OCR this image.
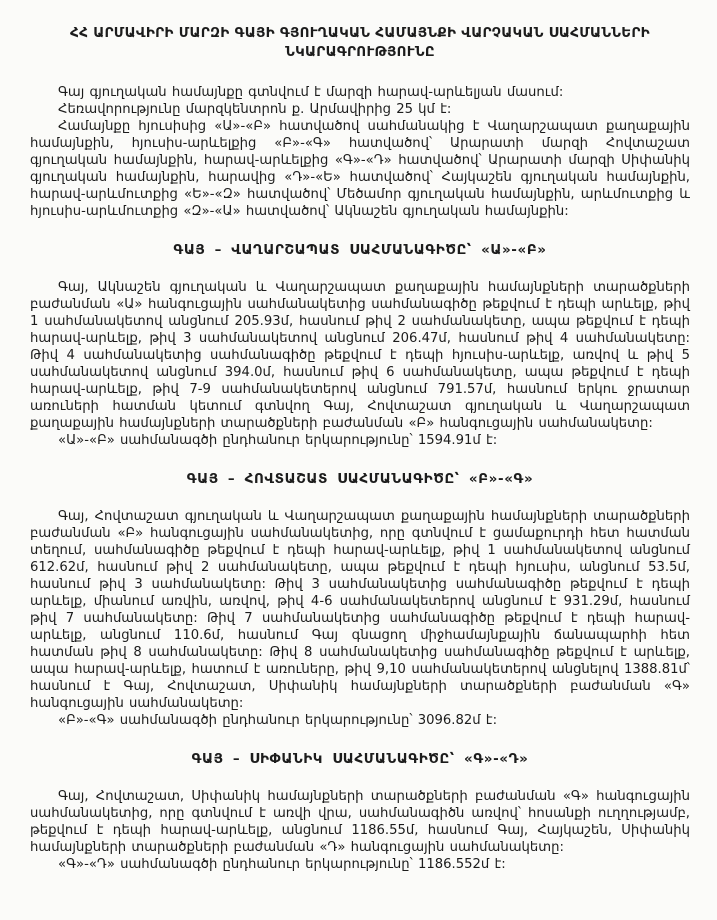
ՀՀ ԱՐՄԱՎԻՐԻ ՄԱՐԶԻ ԳԱՅԻ ԳՅՈՒՂԱԿԱՆ ՀԱՄԱՅՆՔԻ ՎԱՐՉԱԿԱՆ ՍԱՀՄԱՆՆԵՐԻ
ՆԿԱՐԱԳՐՈՒԹՅՈՒՆԸ

Գայ գյուղական համայնքը գտնվում է մարզի հարավ-արևելյան մասում:

Հեռավորությունը մարզկենտրոն ք. Արմավիրից 25 կմ է:

Համայնքը հյուսիսից «Ա»-«Բ» հատվածով սահմանակից է Վաղարշապատ քաղաքային համայնքին, հյուսիս-արևելքից «Բ»-«Գ» հատվածով՝ Արարատի մարզի Հովտաշատ գյուղական համայնքին, հարավ-արևելքից «Գ»-«Դ» հատվածով՝ Արարատի մարզի Սիփանիկ գյուղական համայնքին, հարավից «Դ»-«Ե» հատվածով՝ Հայկաշեն գյուղական համայնքին, հարավ-արևմուտքից «Ե»-«Զ» հատվածով՝ Մեծամոր գյուղական համայնքին, արևմուտքից և հյուսիս-արևմուտքից «Զ»-«Ա» հատվածով՝ Ակնաշեն գյուղական համայնքին:

ԳԱՅ – ՎԱՂԱՐՇԱՊԱՏ ՍԱՀՄԱՆԱԳԻԾԸ՝ «Ա»-«Բ»

Գայ, Ակնաշեն գյուղական և Վաղարշապատ քաղաքային համայնքների տարածքների բաժանման «Ա» հանգուցային սահմանակետից սահմանագիծը թեքվում է դեպի արևելք, թիվ 1 սահմանակետով անցնում 205.93մ, հասնում թիվ 2 սահմանակետը, ապա թեքվում է դեպի հարավ-արևելք, թիվ 3 սահմանակետով անցնում 206.47մ, հասնում թիվ 4 սահմանակետը: Թիվ 4 սահմանակետից սահմանագիծը թեքվում է դեպի հյուսիս-արևելք, առվով և թիվ 5 սահմանակետով անցնում 394.0մ, հասնում թիվ 6 սահմանակետը, ապա թեքվում է դեպի հարավ-արևելք, թիվ 7-9 սահմանակետերով անցնում 791.57մ, հասնում երկու ջրատար առուների հատման կետում գտնվող Գայ, Հովտաշատ գյուղական և Վաղարշապատ քաղաքային համայնքների տարածքների բաժանման «Բ» հանգուցային սահմանակետը:

«Ա»-«Բ» սահմանագծի ընդհանուր երկարությունը՝ 1594.91մ է:

ԳԱՅ – ՀՈՎՏԱՇԱՏ ՍԱՀՄԱՆԱԳԻԾԸ՝ «Բ»-«Գ»

Գայ, Հովտաշատ գյուղական և Վաղարշապատ քաղաքային համայնքների տարածքների բաժանման «Բ» հանգուցային սահմանակետից, որը գտնվում է ցամաքուրդի հետ հատման տեղում, սահմանագիծը թեքվում է դեպի հարավ-արևելք, թիվ 1 սահմանակետով անցնում 612.62մ, հասնում թիվ 2 սահմանակետը, ապա թեքվում է դեպի հյուսիս, անցնում 53.5մ, հասնում թիվ 3 սահմանակետը: Թիվ 3 սահմանակետից սահմանագիծը թեքվում է դեպի արևելք, միանում առվին, առվով, թիվ 4-6 սահմանակետերով անցնում է 931.29մ, հասնում թիվ 7 սահմանակետը: Թիվ 7 սահմանակետից սահմանագիծը թեքվում է դեպի հարավ-արևելք, անցնում 110.6մ, հասնում Գայ գնացող միջհամայնքային ճանապարհի հետ հատման թիվ 8 սահմանակետը: Թիվ 8 սահմանակետից սահմանագիծը թեքվում է արևելք, ապա հարավ-արևելք, հատում է առուները, թիվ 9,10 սահմանակետերով անցնելով 1388.81մ՝ հասնում է Գայ, Հովտաշատ, Սիփանիկ համայնքների տարածքների բաժանման «Գ» հանգուցային սահմանակետը:

«Բ»-«Գ» սահմանագծի ընդհանուր երկարությունը՝ 3096.82մ է:

ԳԱՅ – ՍԻՓԱՆԻԿ ՍԱՀՄԱՆԱԳԻԾԸ՝ «Գ»-«Դ»

Գայ, Հովտաշատ, Սիփանիկ համայնքների տարածքների բաժանման «Գ» հանգուցային սահմանակետից, որը գտնվում է առվի վրա, սահմանագիծն առվով՝ հոսանքի ուղղությամբ, թեքվում է դեպի հարավ-արևելք, անցնում 1186.55մ, հասնում Գայ, Հայկաշեն, Սիփանիկ համայնքների տարածքների բաժանման «Դ» հանգուցային սահմանակետը:

«Գ»-«Դ» սահմանագծի ընդհանուր երկարությունը՝ 1186.552մ է:
